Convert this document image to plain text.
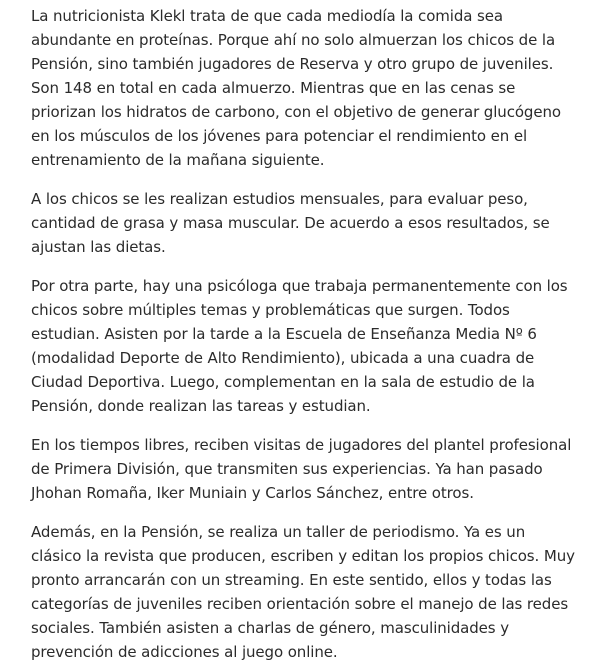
La nutricionista Klekl trata de que cada mediodía la comida sea abundante en proteínas. Porque ahí no solo almuerzan los chicos de la Pensión, sino también jugadores de Reserva y otro grupo de juveniles. Son 148 en total en cada almuerzo. Mientras que en las cenas se priorizan los hidratos de carbono, con el objetivo de generar glucógeno en los músculos de los jóvenes para potenciar el rendimiento en el entrenamiento de la mañana siguiente.

A los chicos se les realizan estudios mensuales, para evaluar peso, cantidad de grasa y masa muscular. De acuerdo a esos resultados, se ajustan las dietas.

Por otra parte, hay una psicóloga que trabaja permanentemente con los chicos sobre múltiples temas y problemáticas que surgen. Todos estudian. Asisten por la tarde a la Escuela de Enseñanza Media Nº 6 (modalidad Deporte de Alto Rendimiento), ubicada a una cuadra de Ciudad Deportiva. Luego, complementan en la sala de estudio de la Pensión, donde realizan las tareas y estudian.

En los tiempos libres, reciben visitas de jugadores del plantel profesional de Primera División, que transmiten sus experiencias. Ya han pasado Jhohan Romaña, Iker Muniain y Carlos Sánchez, entre otros.

Además, en la Pensión, se realiza un taller de periodismo. Ya es un clásico la revista que producen, escriben y editan los propios chicos. Muy pronto arrancarán con un streaming. En este sentido, ellos y todas las categorías de juveniles reciben orientación sobre el manejo de las redes sociales. También asisten a charlas de género, masculinidades y prevención de adicciones al juego online.
